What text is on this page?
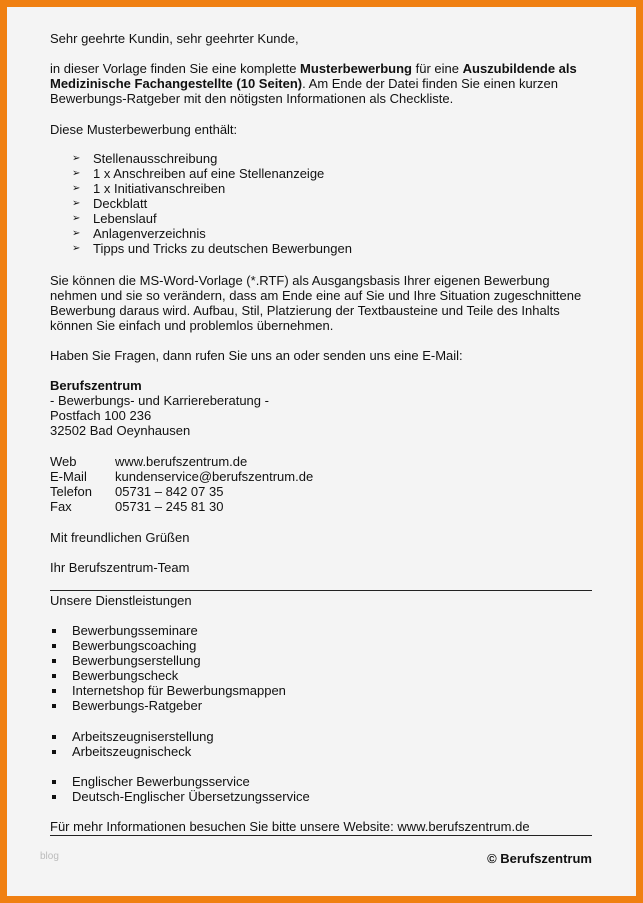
Sehr geehrte Kundin, sehr geehrter Kunde,
in dieser Vorlage finden Sie eine komplette Musterbewerbung für eine Auszubildende als Medizinische Fachangestellte (10 Seiten). Am Ende der Datei finden Sie einen kurzen Bewerbungs-Ratgeber mit den nötigsten Informationen als Checkliste.
Diese Musterbewerbung enthält:
➢ Stellenausschreibung
➢ 1 x Anschreiben auf eine Stellenanzeige
➢ 1 x Initiativanschreiben
➢ Deckblatt
➢ Lebenslauf
➢ Anlagenverzeichnis
➢ Tipps und Tricks zu deutschen Bewerbungen
Sie können die MS-Word-Vorlage (*.RTF) als Ausgangsbasis Ihrer eigenen Bewerbung nehmen und sie so verändern, dass am Ende eine auf Sie und Ihre Situation zugeschnittene Bewerbung daraus wird. Aufbau, Stil, Platzierung der Textbausteine und Teile des Inhalts können Sie einfach und problemlos übernehmen.
Haben Sie Fragen, dann rufen Sie uns an oder senden uns eine E-Mail:
Berufszentrum
- Bewerbungs- und Karriereberatung -
Postfach 100 236
32502 Bad Oeynhausen
Web	www.berufszentrum.de
E-Mail	kundenservice@berufszentrum.de
Telefon	05731 – 842 07 35
Fax	05731 – 245 81 30
Mit freundlichen Grüßen
Ihr Berufszentrum-Team
Unsere Dienstleistungen
Bewerbungsseminare
Bewerbungscoaching
Bewerbungserstellung
Bewerbungscheck
Internetshop für Bewerbungsmappen
Bewerbungs-Ratgeber
Arbeitszeugniserstellung
Arbeitszeugnischeck
Englischer Bewerbungsservice
Deutsch-Englischer Übersetzungsservice
Für mehr Informationen besuchen Sie bitte unsere Website: www.berufszentrum.de
blog	© Berufszentrum
